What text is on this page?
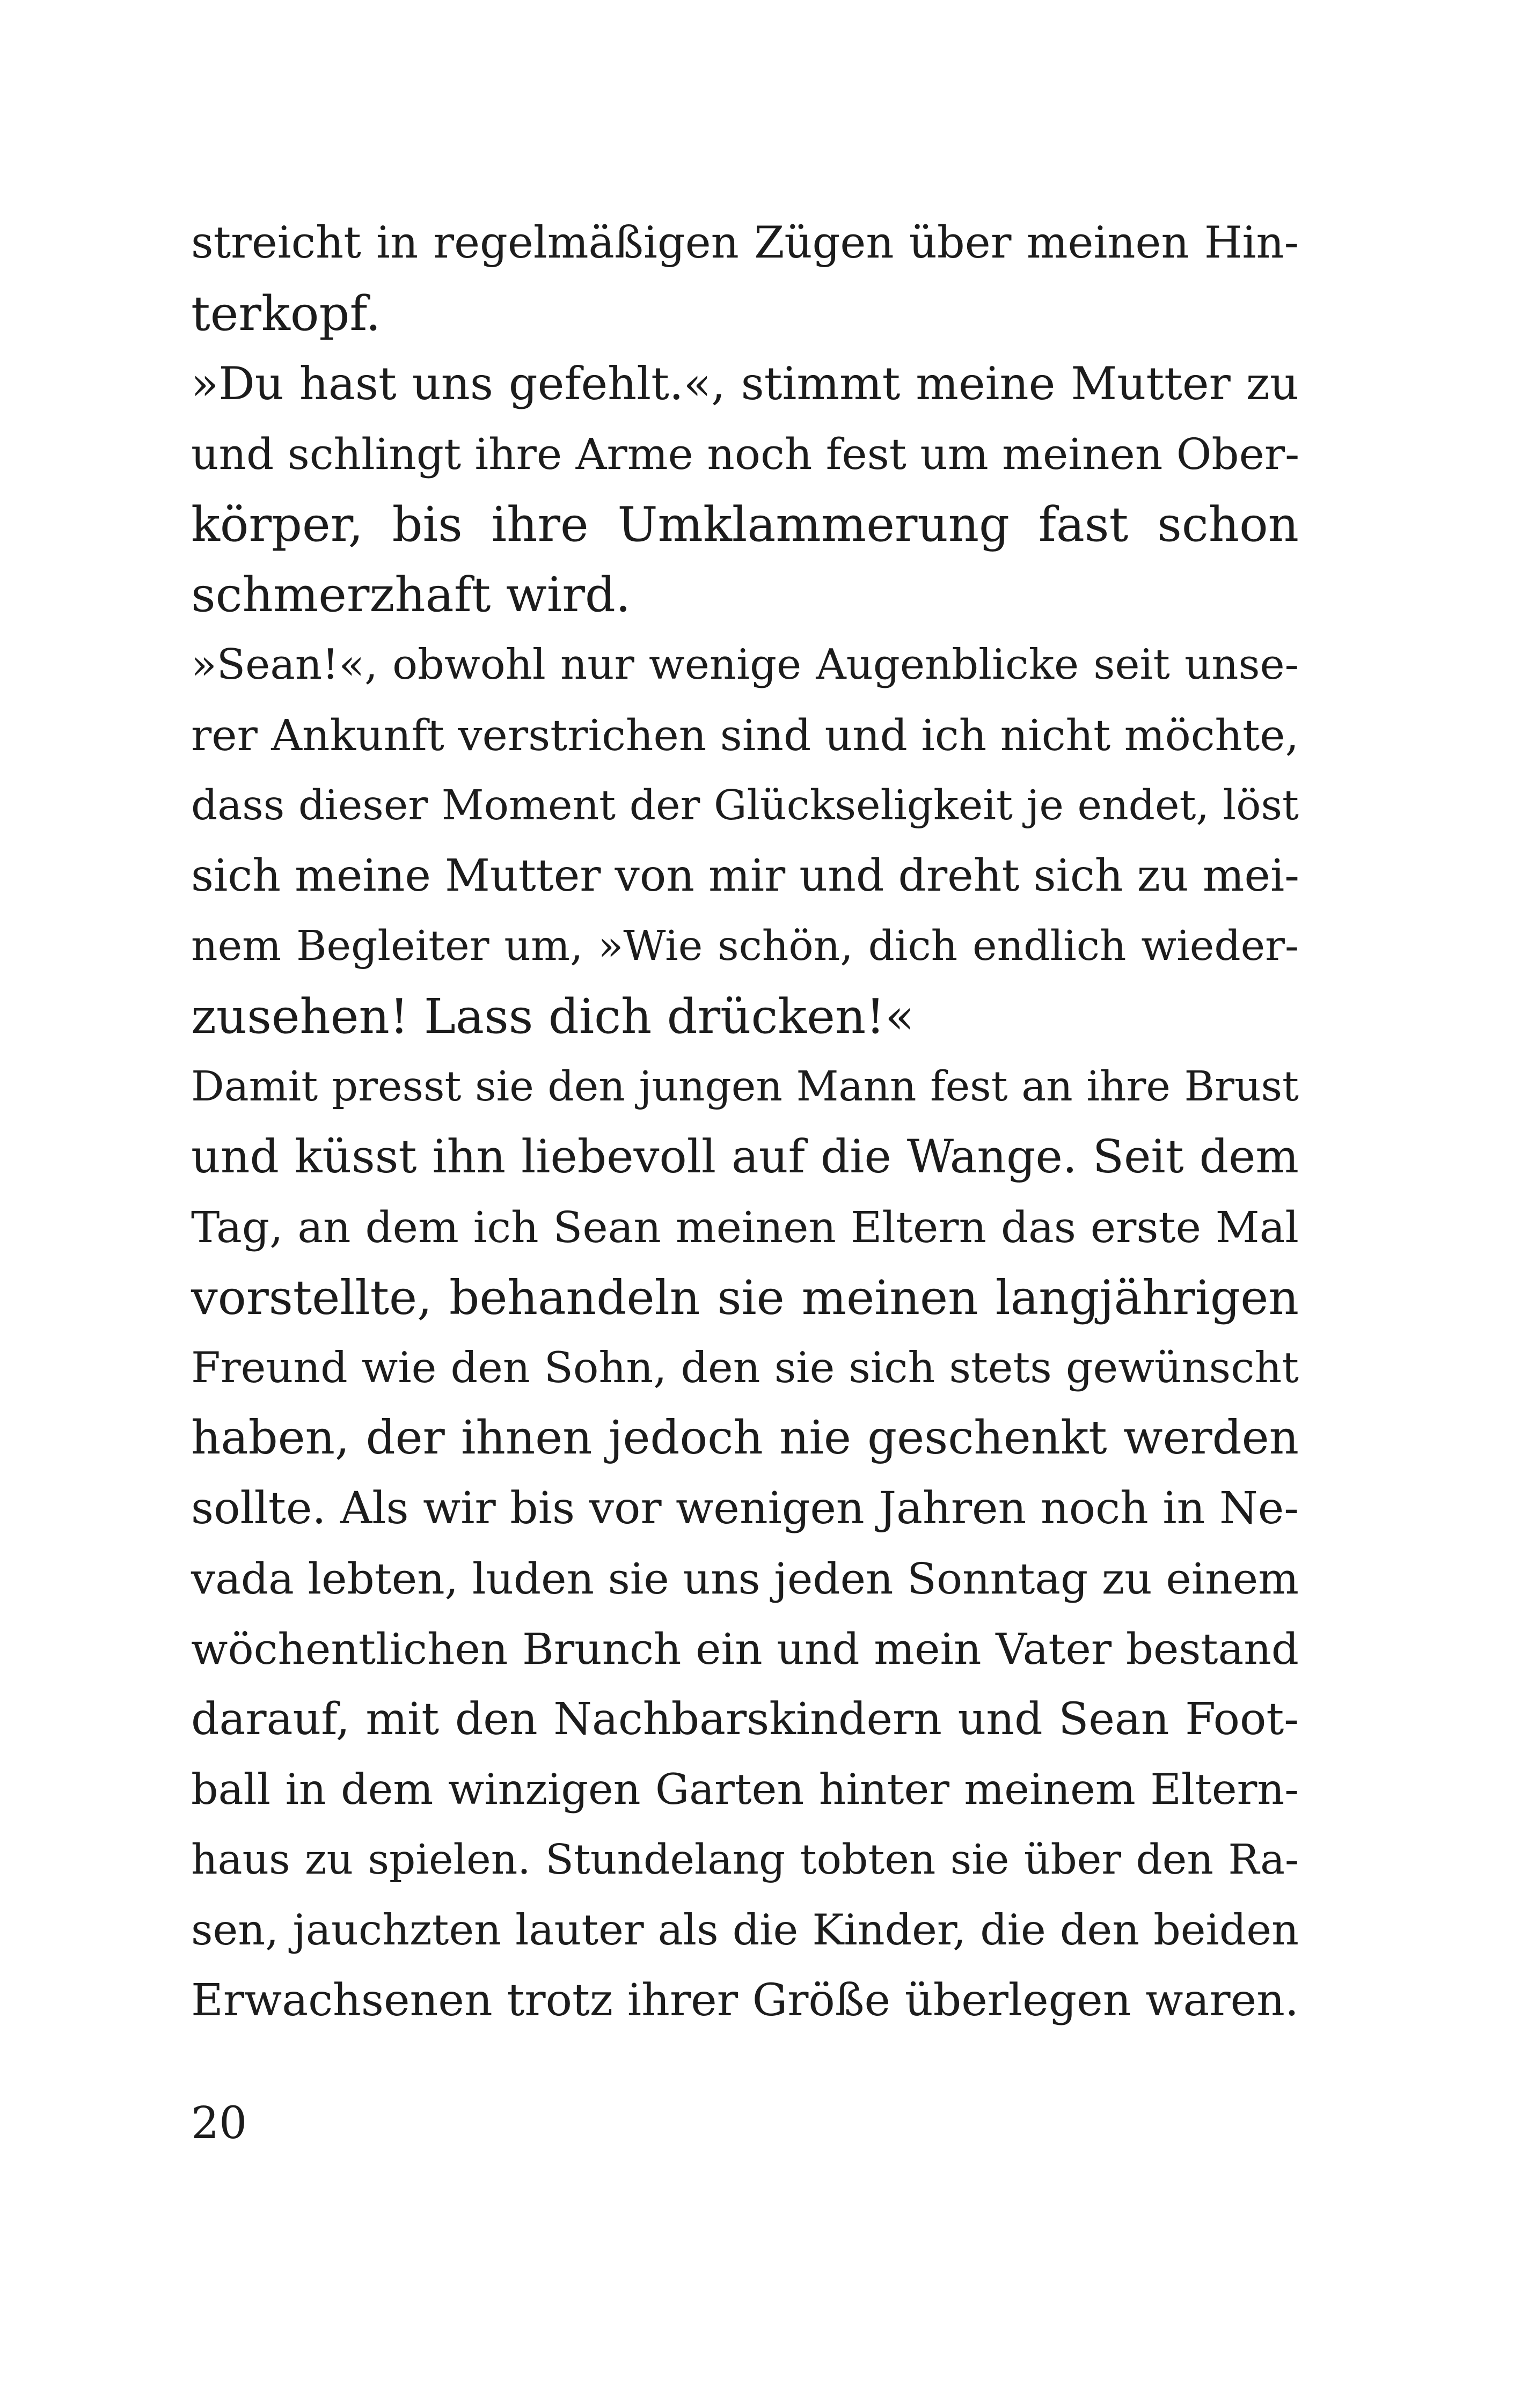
streicht in regelmäßigen Zügen über meinen Hin-
terkopf.
»Du hast uns gefehlt.«, stimmt meine Mutter zu
und schlingt ihre Arme noch fest um meinen Ober-
körper, bis ihre Umklammerung fast schon
schmerzhaft wird.
»Sean!«, obwohl nur wenige Augenblicke seit unse-
rer Ankunft verstrichen sind und ich nicht möchte,
dass dieser Moment der Glückseligkeit je endet, löst
sich meine Mutter von mir und dreht sich zu mei-
nem Begleiter um, »Wie schön, dich endlich wieder-
zusehen! Lass dich drücken!«
Damit presst sie den jungen Mann fest an ihre Brust
und küsst ihn liebevoll auf die Wange. Seit dem
Tag, an dem ich Sean meinen Eltern das erste Mal
vorstellte, behandeln sie meinen langjährigen
Freund wie den Sohn, den sie sich stets gewünscht
haben, der ihnen jedoch nie geschenkt werden
sollte. Als wir bis vor wenigen Jahren noch in Ne-
vada lebten, luden sie uns jeden Sonntag zu einem
wöchentlichen Brunch ein und mein Vater bestand
darauf, mit den Nachbarskindern und Sean Foot-
ball in dem winzigen Garten hinter meinem Eltern-
haus zu spielen. Stundelang tobten sie über den Ra-
sen, jauchzten lauter als die Kinder, die den beiden
Erwachsenen trotz ihrer Größe überlegen waren.
20
